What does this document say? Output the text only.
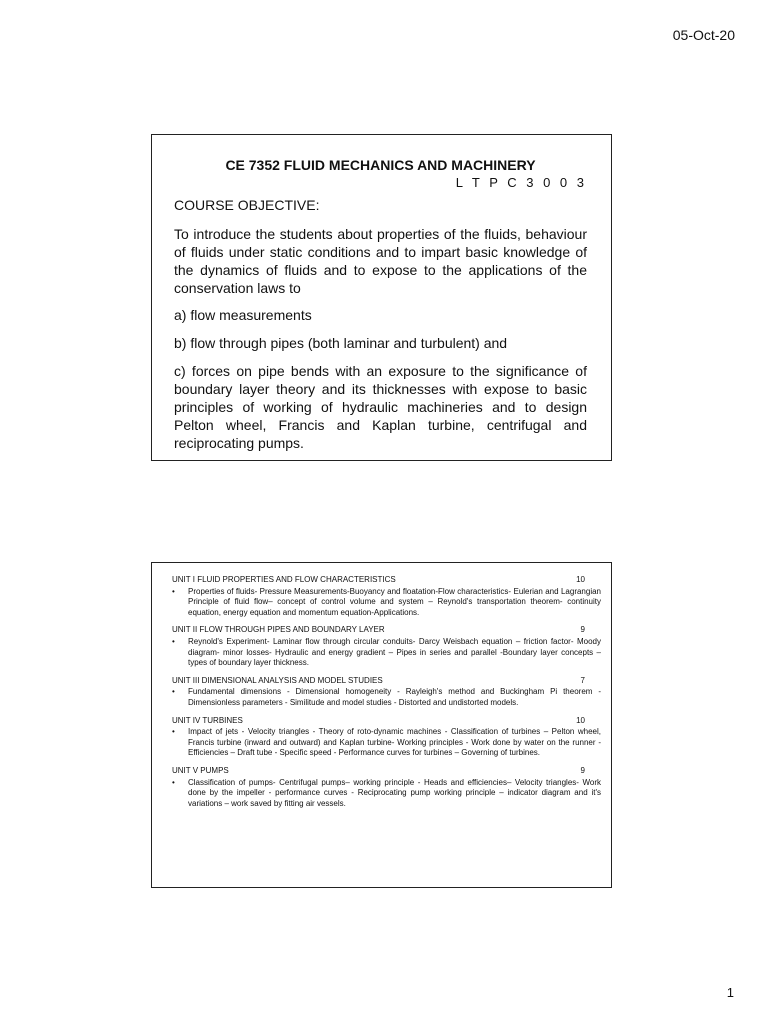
05-Oct-20

CE 7352 FLUID MECHANICS AND MACHINERY

L T P C 3 0 0 3

COURSE OBJECTIVE:

To introduce the students about properties of the fluids, behaviour of fluids under static conditions and to impart basic knowledge of the dynamics of fluids and to expose to the applications of the conservation laws to

a) flow measurements

b) flow through pipes (both laminar and turbulent) and

c) forces on pipe bends with an exposure to the significance of boundary layer theory and its thicknesses with expose to basic principles of working of hydraulic machineries and to design Pelton wheel, Francis and Kaplan turbine, centrifugal and reciprocating pumps.

UNIT I FLUID PROPERTIES AND FLOW CHARACTERISTICS	10
•	Properties of fluids- Pressure Measurements-Buoyancy and floatation-Flow characteristics- Eulerian and Lagrangian Principle of fluid flow– concept of control volume and system – Reynold's transportation theorem- continuity equation, energy equation and momentum equation-Applications.
UNIT II FLOW THROUGH PIPES AND BOUNDARY LAYER	9
•	Reynold's Experiment- Laminar flow through circular conduits- Darcy Weisbach equation – friction factor- Moody diagram- minor losses- Hydraulic and energy gradient – Pipes in series and parallel -Boundary layer concepts – types of boundary layer thickness.
UNIT III DIMENSIONAL ANALYSIS AND MODEL STUDIES	7
•	Fundamental dimensions - Dimensional homogeneity - Rayleigh's method and Buckingham Pi theorem - Dimensionless parameters - Similitude and model studies - Distorted and undistorted models.
UNIT IV TURBINES	10
•	Impact of jets - Velocity triangles - Theory of roto-dynamic machines - Classification of turbines – Pelton wheel, Francis turbine (inward and outward) and Kaplan turbine- Working principles - Work done by water on the runner - Efficiencies – Draft tube - Specific speed - Performance curves for turbines – Governing of turbines.
UNIT V PUMPS	9
•	Classification of pumps- Centrifugal pumps– working principle - Heads and efficiencies– Velocity triangles- Work done by the impeller - performance curves - Reciprocating pump working principle – indicator diagram and it's variations – work saved by fitting air vessels.
1
